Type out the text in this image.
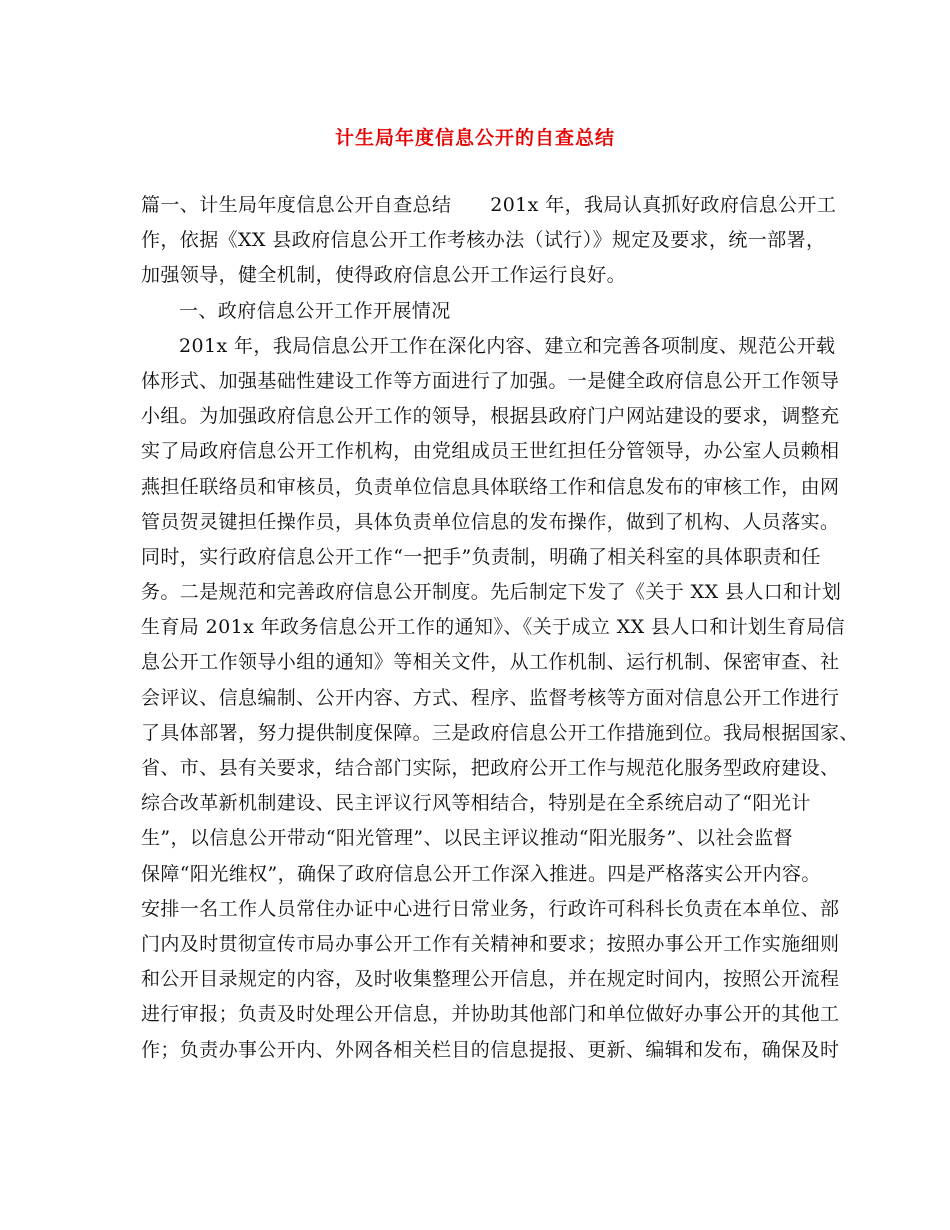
计生局年度信息公开的自查总结
篇一、计生局年度信息公开自查总结　　201x 年，我局认真抓好政府信息公开工
作，依据《XX 县政府信息公开工作考核办法（试行）》规定及要求，统一部署，
加强领导，健全机制，使得政府信息公开工作运行良好。
一、政府信息公开工作开展情况
201x 年，我局信息公开工作在深化内容、建立和完善各项制度、规范公开载
体形式、加强基础性建设工作等方面进行了加强。一是健全政府信息公开工作领导
小组。为加强政府信息公开工作的领导，根据县政府门户网站建设的要求，调整充
实了局政府信息公开工作机构，由党组成员王世红担任分管领导，办公室人员赖相
燕担任联络员和审核员，负责单位信息具体联络工作和信息发布的审核工作，由网
管员贺灵键担任操作员，具体负责单位信息的发布操作，做到了机构、人员落实。
同时，实行政府信息公开工作“一把手”负责制，明确了相关科室的具体职责和任
务。二是规范和完善政府信息公开制度。先后制定下发了《关于 XX 县人口和计划
生育局 201x 年政务信息公开工作的通知》、《关于成立 XX 县人口和计划生育局信
息公开工作领导小组的通知》等相关文件，从工作机制、运行机制、保密审查、社
会评议、信息编制、公开内容、方式、程序、监督考核等方面对信息公开工作进行
了具体部署，努力提供制度保障。三是政府信息公开工作措施到位。我局根据国家、
省、市、县有关要求，结合部门实际，把政府公开工作与规范化服务型政府建设、
综合改革新机制建设、民主评议行风等相结合，特别是在全系统启动了“阳光计
生”，以信息公开带动“阳光管理”、以民主评议推动“阳光服务”、以社会监督
保障“阳光维权”，确保了政府信息公开工作深入推进。四是严格落实公开内容。
安排一名工作人员常住办证中心进行日常业务，行政许可科科长负责在本单位、部
门内及时贯彻宣传市局办事公开工作有关精神和要求；按照办事公开工作实施细则
和公开目录规定的内容，及时收集整理公开信息，并在规定时间内，按照公开流程
进行审报；负责及时处理公开信息，并协助其他部门和单位做好办事公开的其他工
作；负责办事公开内、外网各相关栏目的信息提报、更新、编辑和发布，确保及时
